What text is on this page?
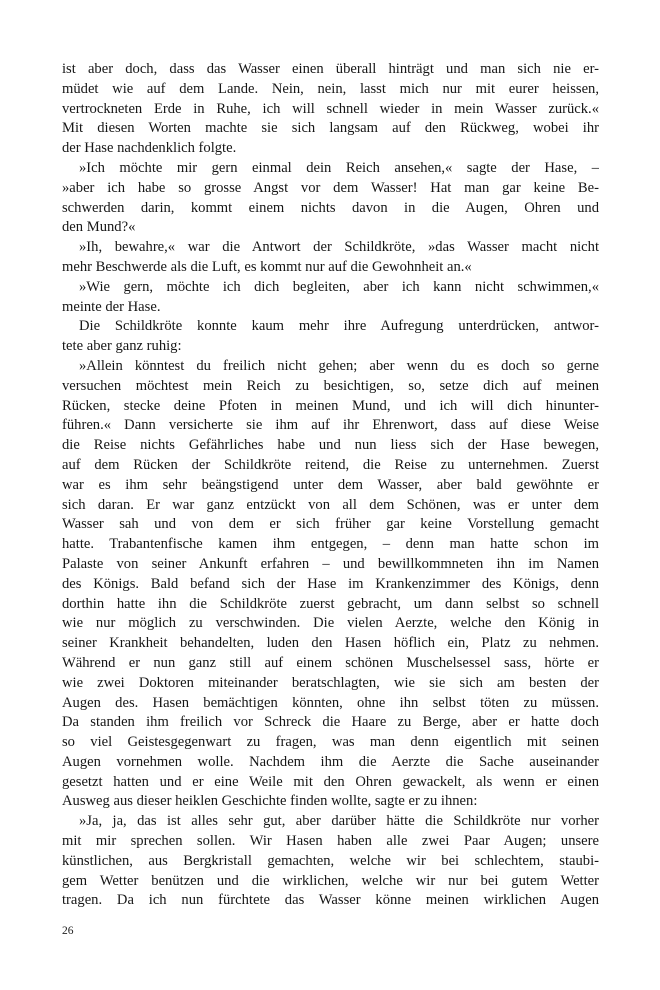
ist aber doch, dass das Wasser einen überall hinträgt und man sich nie er-
müdet wie auf dem Lande. Nein, nein, lasst mich nur mit eurer heissen,
vertrockneten Erde in Ruhe, ich will schnell wieder in mein Wasser zurück.«
Mit diesen Worten machte sie sich langsam auf den Rückweg, wobei ihr
der Hase nachdenklich folgte.
»Ich möchte mir gern einmal dein Reich ansehen,« sagte der Hase, –
»aber ich habe so grosse Angst vor dem Wasser! Hat man gar keine Be-
schwerden darin, kommt einem nichts davon in die Augen, Ohren und
den Mund?«
»Ih, bewahre,« war die Antwort der Schildkröte, »das Wasser macht nicht
mehr Beschwerde als die Luft, es kommt nur auf die Gewohnheit an.«
»Wie gern, möchte ich dich begleiten, aber ich kann nicht schwimmen,«
meinte der Hase.
Die Schildkröte konnte kaum mehr ihre Aufregung unterdrücken, antwor-
tete aber ganz ruhig:
»Allein könntest du freilich nicht gehen; aber wenn du es doch so gerne
versuchen möchtest mein Reich zu besichtigen, so, setze dich auf meinen
Rücken, stecke deine Pfoten in meinen Mund, und ich will dich hinunter-
führen.« Dann versicherte sie ihm auf ihr Ehrenwort, dass auf diese Weise
die Reise nichts Gefährliches habe und nun liess sich der Hase bewegen,
auf dem Rücken der Schildkröte reitend, die Reise zu unternehmen. Zuerst
war es ihm sehr beängstigend unter dem Wasser, aber bald gewöhnte er
sich daran. Er war ganz entzückt von all dem Schönen, was er unter dem
Wasser sah und von dem er sich früher gar keine Vorstellung gemacht
hatte. Trabantenfische kamen ihm entgegen, – denn man hatte schon im
Palaste von seiner Ankunft erfahren – und bewillkommneten ihn im Namen
des Königs. Bald befand sich der Hase im Krankenzimmer des Königs, denn
dorthin hatte ihn die Schildkröte zuerst gebracht, um dann selbst so schnell
wie nur möglich zu verschwinden. Die vielen Aerzte, welche den König in
seiner Krankheit behandelten, luden den Hasen höflich ein, Platz zu nehmen.
Während er nun ganz still auf einem schönen Muschelsessel sass, hörte er
wie zwei Doktoren miteinander beratschlagten, wie sie sich am besten der
Augen des. Hasen bemächtigen könnten, ohne ihn selbst töten zu müssen.
Da standen ihm freilich vor Schreck die Haare zu Berge, aber er hatte doch
so viel Geistesgegenwart zu fragen, was man denn eigentlich mit seinen
Augen vornehmen wolle. Nachdem ihm die Aerzte die Sache auseinander
gesetzt hatten und er eine Weile mit den Ohren gewackelt, als wenn er einen
Ausweg aus dieser heiklen Geschichte finden wollte, sagte er zu ihnen:
»Ja, ja, das ist alles sehr gut, aber darüber hätte die Schildkröte nur vorher
mit mir sprechen sollen. Wir Hasen haben alle zwei Paar Augen; unsere
künstlichen, aus Bergkristall gemachten, welche wir bei schlechtem, staubi-
gem Wetter benützen und die wirklichen, welche wir nur bei gutem Wetter
tragen. Da ich nun fürchtete das Wasser könne meinen wirklichen Augen
26
